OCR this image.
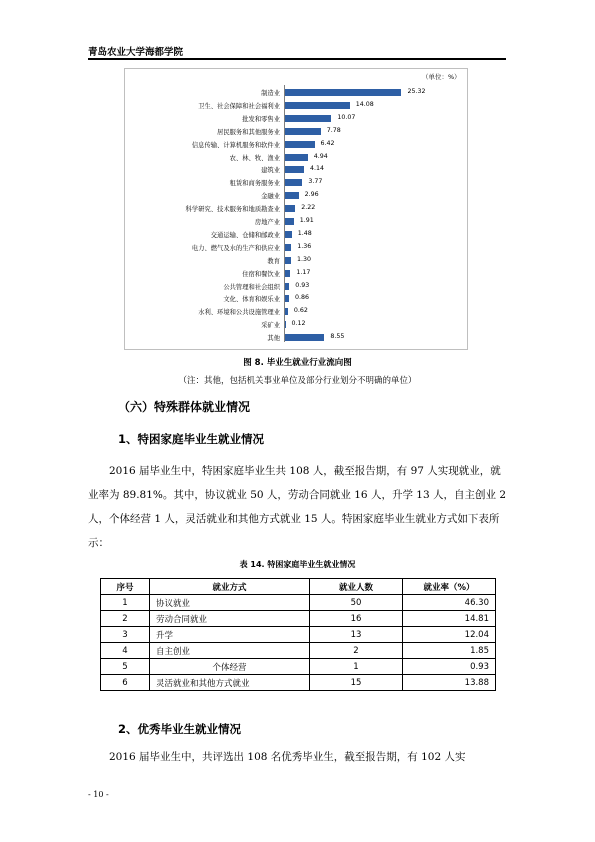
青岛农业大学海都学院
（单位：%）
制造业	25.32
卫生、社会保障和社会福利业	14.08
批发和零售业	10.07
居民服务和其他服务业	7.78
信息传输、计算机服务和软件业	6.42
农、林、牧、渔业	4.94
建筑业	4.14
租赁和商务服务业	3.77
金融业	2.96
科学研究、技术服务和地质勘查业	2.22
房地产业	1.91
交通运输、仓储和邮政业	1.48
电力、燃气及水的生产和供应业	1.36
教育	1.30
住宿和餐饮业	1.17
公共管理和社会组织 0.93
文化、体育和娱乐业 0.86
水利、环境和公共设施管理业 0.62
采矿业 0.12
其他	8.55
图 8. 毕业生就业行业流向图
（注：其他，包括机关事业单位及部分行业划分不明确的单位）
（六）特殊群体就业情况
1、特困家庭毕业生就业情况
2016 届毕业生中，特困家庭毕业生共 108 人，截至报告期，有 97 人实现就业，就业率为 89.81%。其中，协议就业 50 人，劳动合同就业 16 人，升学 13 人，自主创业 2 人，个体经营 1 人，灵活就业和其他方式就业 15 人。特困家庭毕业生就业方式如下表所示：
表 14. 特困家庭毕业生就业情况
序号	就业方式	就业人数	就业率（%）
1	协议就业	50	46.30
2	劳动合同就业	16	14.81
3	升学	13	12.04
4	自主创业	2	1.85
5	个体经营	1	0.93
6	灵活就业和其他方式就业	15	13.88
2、优秀毕业生就业情况
2016 届毕业生中，共评选出 108 名优秀毕业生，截至报告期，有 102 人实
- 10 -
